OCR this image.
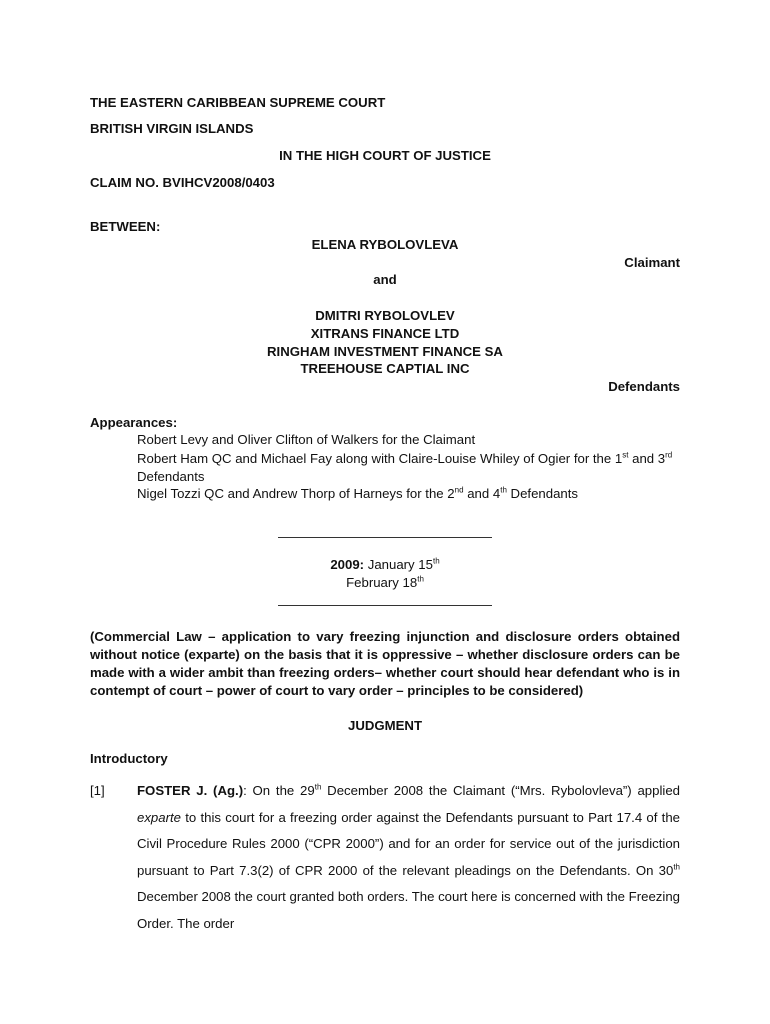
THE EASTERN CARIBBEAN SUPREME COURT
BRITISH VIRGIN ISLANDS
IN THE HIGH COURT OF JUSTICE
CLAIM NO. BVIHCV2008/0403
BETWEEN:
ELENA RYBOLOVLEVA
Claimant
and
DMITRI RYBOLOVLEV
XITRANS FINANCE LTD
RINGHAM INVESTMENT FINANCE SA
TREEHOUSE CAPTIAL INC
Defendants
Appearances:
Robert Levy and Oliver Clifton of Walkers for the Claimant
Robert Ham QC and Michael Fay along with Claire-Louise Whiley of Ogier for the 1st and 3rd
Defendants
Nigel Tozzi QC and Andrew Thorp of Harneys for the 2nd and 4th Defendants
2009: January 15th
February 18th
(Commercial Law – application to vary freezing injunction and disclosure orders obtained without notice (exparte) on the basis that it is oppressive – whether disclosure orders can be made with a wider ambit than freezing orders– whether court should hear defendant who is in contempt of court – power of court to vary order – principles to be considered)
JUDGMENT
Introductory
[1] FOSTER J. (Ag.): On the 29th December 2008 the Claimant (“Mrs. Rybolovleva”) applied exparte to this court for a freezing order against the Defendants pursuant to Part 17.4 of the Civil Procedure Rules 2000 (“CPR 2000”) and for an order for service out of the jurisdiction pursuant to Part 7.3(2) of CPR 2000 of the relevant pleadings on the Defendants. On 30th December 2008 the court granted both orders. The court here is concerned with the Freezing Order. The order
